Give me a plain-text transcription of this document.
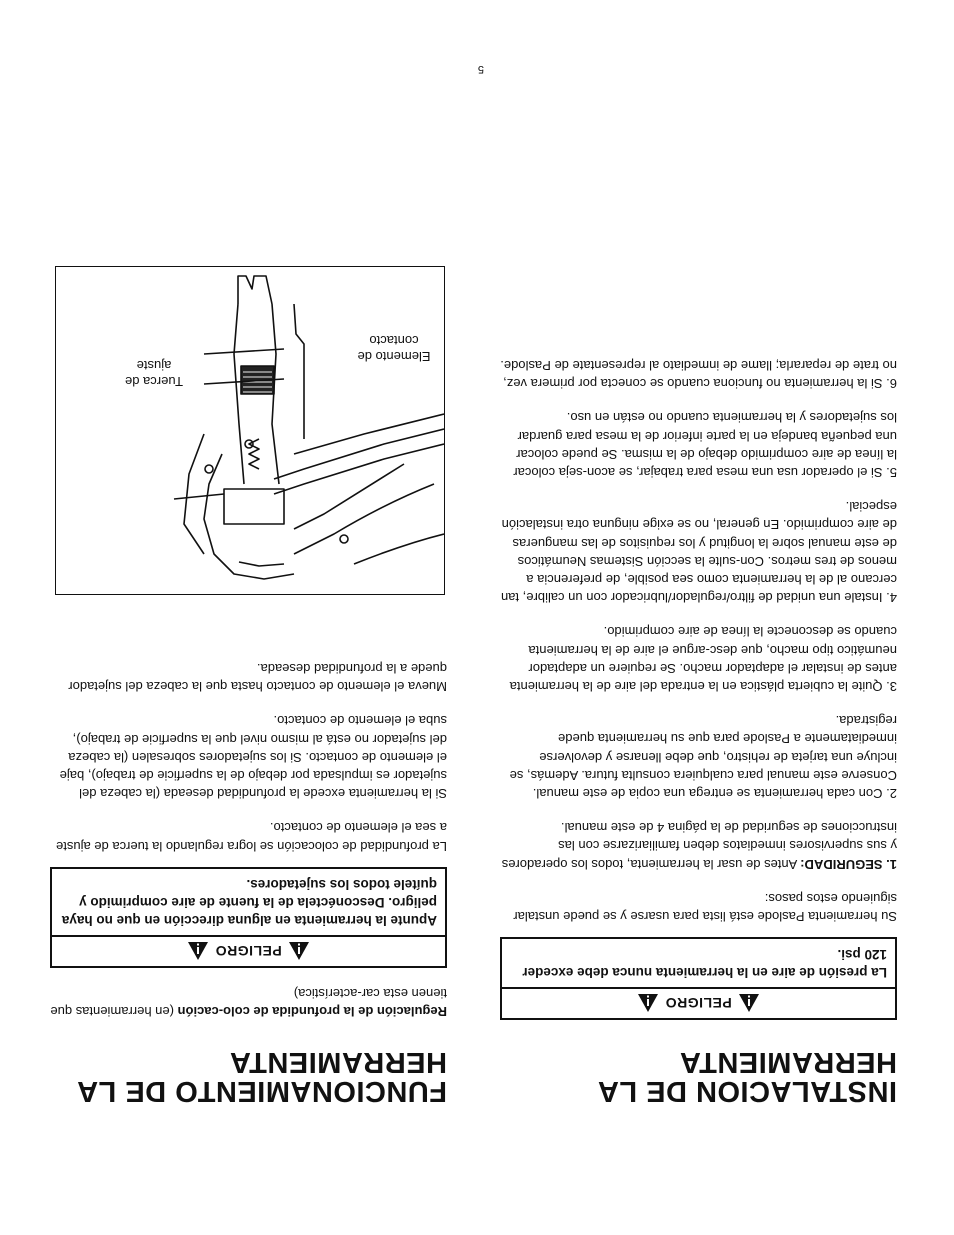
INSTALACION DE LA HERRAMIENTA
PELIGRO
La presión de aire en la herramienta nunca debe exceder 120 psi.

Su herramienta Paslode está lista para usarse y se puede unstalar siguiendo estos pasos:

1. SEGURIDAD: Antes de usar la herramienta, todos los operadores y sus supervisores inmediatos deben familiarizarse con las instrucciones de seguridad de la página 4 de este manual.

2. Con cada herramienta se entrega una copia de este manual. Conserve este manual para cualquiera consulta futura. Además, se incluye una tarjeta de rehistro, que debe llenarse y devolverse inmediatamente a Paslode para que su herramienta quede registrada.

3. Quite la cubierta plástica en la entrada del aire de la herramienta antes de instalar el adaptador macho. Se requiere un adaptador neumático tipo macho, que desc-argue el aire de la herramienta cuando se desconecte la línea de aire comprimido.

4. Instale una unidad de filtro/regulador/lubricador con un calibre, tan cercano al de la herramienta como sea posible, de preferencia a menos de tres metros. Con-sulte la sección Sistemas Neumáticos de este manual sobre la longitud y los requisitos de las mangueras de aire comprimido. En general, no se exige ninguna otra instalación especial.

5. Si el operador usa una mesa para trabajar, se acon-seja colocar la línea de aire comprimido debajo de la misma. Se puede colocar una pequeña bandeja en la parte inferior de la mesa para guardar los sujetadores y la herramienta cuando no están en uso.

6. Si la herramienta no funciona cuando se conecta por primera vez, no trate de repararla; llame de inmediato al representate de Paslode.

FUNCIONAMIENTO DE LA HERRAMIENTA

Regulación de la profundida de colo-cación (en herramientas que tienen esta car-acterística)

PELIGRO
Apunte la herramienta en alguna dirección en que no haya peligro. Desconéctela de la fuente de aire comprimido y quítele todos los sujetadores.

La profundidad de colocación se logra regulando la tuerca de ajuste a sea el elemento de contacto.

Si la herramienta excede la profundidad deseada (la cabeza del sujetador es impulsada por debajo de la superficie de trabajo), baje el elemento de contacto. Si los sujetadores sobresalen (la cabeza del sujetador no está al mismo nivel que la superficie de trabajo), suba el elemento de contacto.

Mueva el elemento de contacto hasta que la cabeza del sujetador quede a la profundidad deseada.

Tuerca de ajuste
Elemento de contacto
5
